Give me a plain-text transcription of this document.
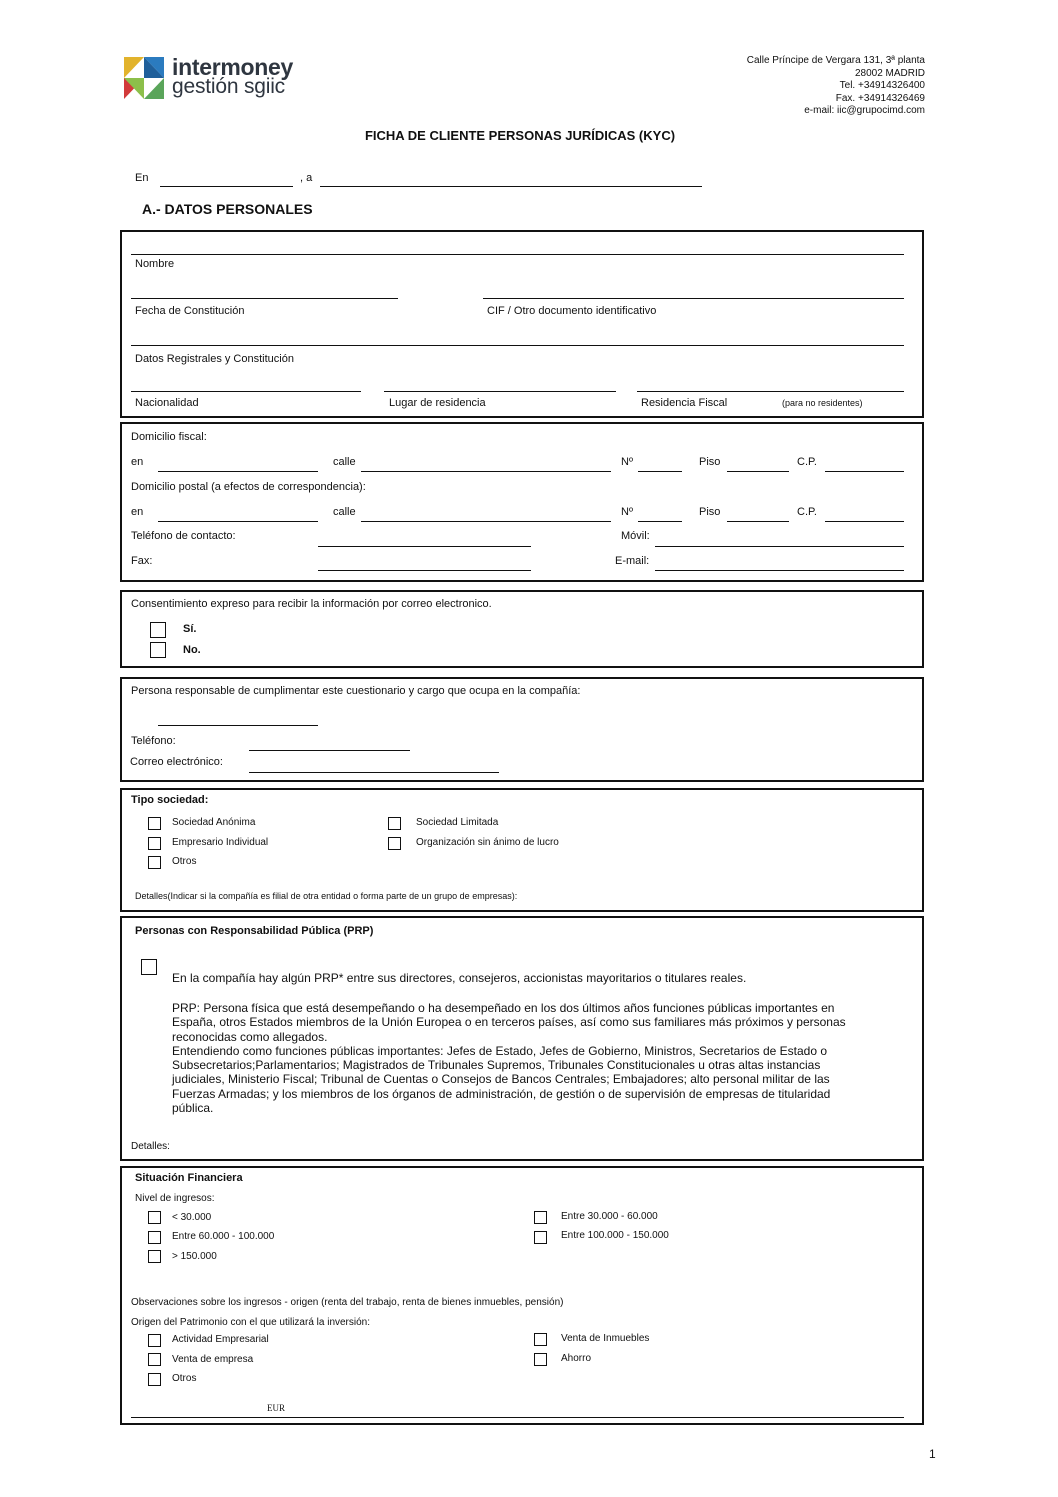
intermoney
gestión sgiic
Calle Príncipe de Vergara 131, 3ª planta
28002 MADRID
Tel. +34914326400
Fax. +34914326469
e-mail: iic@grupocimd.com
FICHA DE CLIENTE PERSONAS JURÍDICAS (KYC)
En	, a
A.- DATOS PERSONALES
Nombre
Fecha de Constitución	CIF / Otro documento identificativo
Datos Registrales y Constitución
Nacionalidad	Lugar de residencia	Residencia Fiscal	(para no residentes)
Domicilio fiscal:
en	calle	Nº	Piso	C.P.
Domicilio postal (a efectos de correspondencia):
en	calle	Nº	Piso	C.P.
Teléfono de contacto:	Móvil:
Fax:	E-mail:
Consentimiento expreso para recibir la información por correo electronico.
Sí.
No.
Persona responsable de cumplimentar este cuestionario y cargo que ocupa en la compañía:
Teléfono:
Correo electrónico:
Tipo sociedad:
Sociedad Anónima
Empresario Individual
Otros
Sociedad Limitada
Organización sin ánimo de lucro
Detalles(Indicar si la compañía es filial de otra entidad o forma parte de un grupo de empresas):
Personas con Responsabilidad Pública (PRP)
En la compañía hay algún PRP* entre sus directores, consejeros, accionistas mayoritarios o titulares reales.
PRP: Persona física que está desempeñando o ha desempeñado en los dos últimos años funciones públicas importantes en
España, otros Estados miembros de la Unión Europea o en terceros países, así como sus familiares más próximos y personas
reconocidas como allegados.
Entendiendo como funciones públicas importantes: Jefes de Estado, Jefes de Gobierno, Ministros, Secretarios de Estado o
Subsecretarios;Parlamentarios; Magistrados de Tribunales Supremos, Tribunales Constitucionales u otras altas instancias
judiciales, Ministerio Fiscal; Tribunal de Cuentas o Consejos de Bancos Centrales; Embajadores; alto personal militar de las
Fuerzas Armadas; y los miembros de los órganos de administración, de gestión o de supervisión de empresas de titularidad
pública.
Detalles:
Situación Financiera
Nivel de ingresos:
< 30.000
Entre 60.000 - 100.000
> 150.000
Entre 30.000 - 60.000
Entre 100.000 - 150.000
Observaciones sobre los ingresos - origen (renta del trabajo, renta de bienes inmuebles, pensión)
Origen del Patrimonio con el que utilizará la inversión:
Actividad Empresarial
Venta de empresa
Otros
Venta de Inmuebles
Ahorro
EUR
1
